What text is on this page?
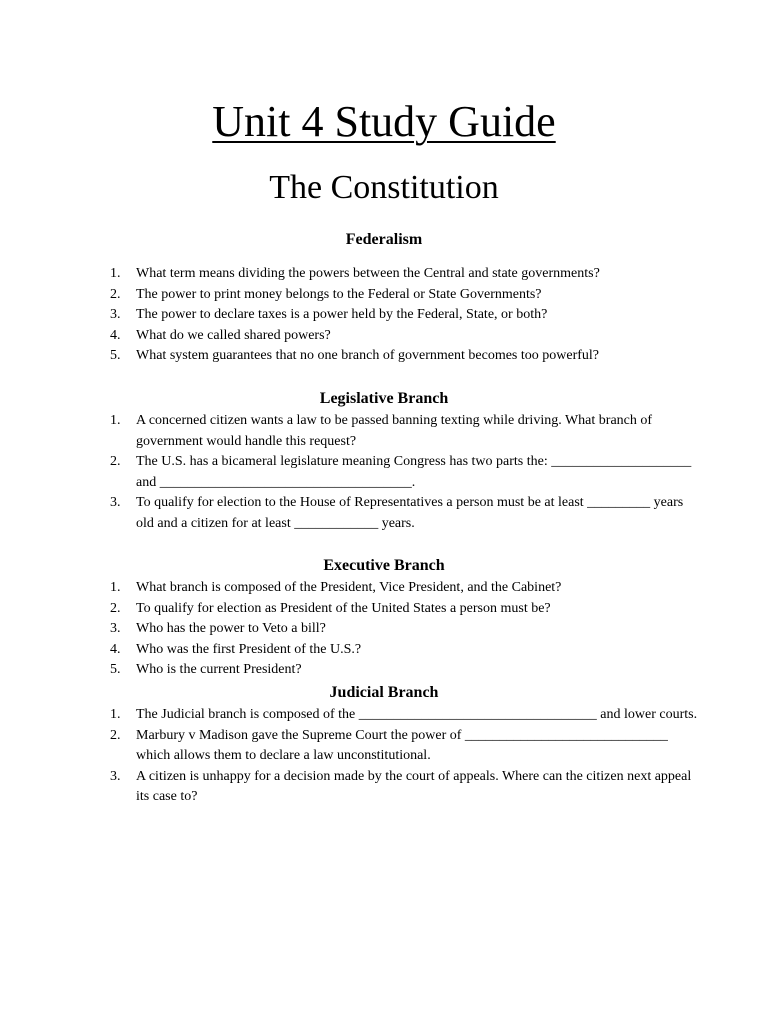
Unit 4 Study Guide
The Constitution
Federalism
1. What term means dividing the powers between the Central and state governments?
2. The power to print money belongs to the Federal or State Governments?
3. The power to declare taxes is a power held by the Federal, State, or both?
4. What do we called shared powers?
5. What system guarantees that no one branch of government becomes too powerful?
Legislative Branch
1. A concerned citizen wants a law to be passed banning texting while driving. What branch of government would handle this request?
2. The U.S. has a bicameral legislature meaning Congress has two parts the: ____________________ and ____________________________________.
3. To qualify for election to the House of Representatives a person must be at least _________ years old and a citizen for at least ____________ years.
Executive Branch
1. What branch is composed of the President, Vice President, and the Cabinet?
2. To qualify for election as President of the United States a person must be?
3. Who has the power to Veto a bill?
4. Who was the first President of the U.S.?
5. Who is the current President?
Judicial Branch
1. The Judicial branch is composed of the __________________________________ and lower courts.
2. Marbury v Madison gave the Supreme Court the power of _____________________________ which allows them to declare a law unconstitutional.
3. A citizen is unhappy for a decision made by the court of appeals. Where can the citizen next appeal its case to?
